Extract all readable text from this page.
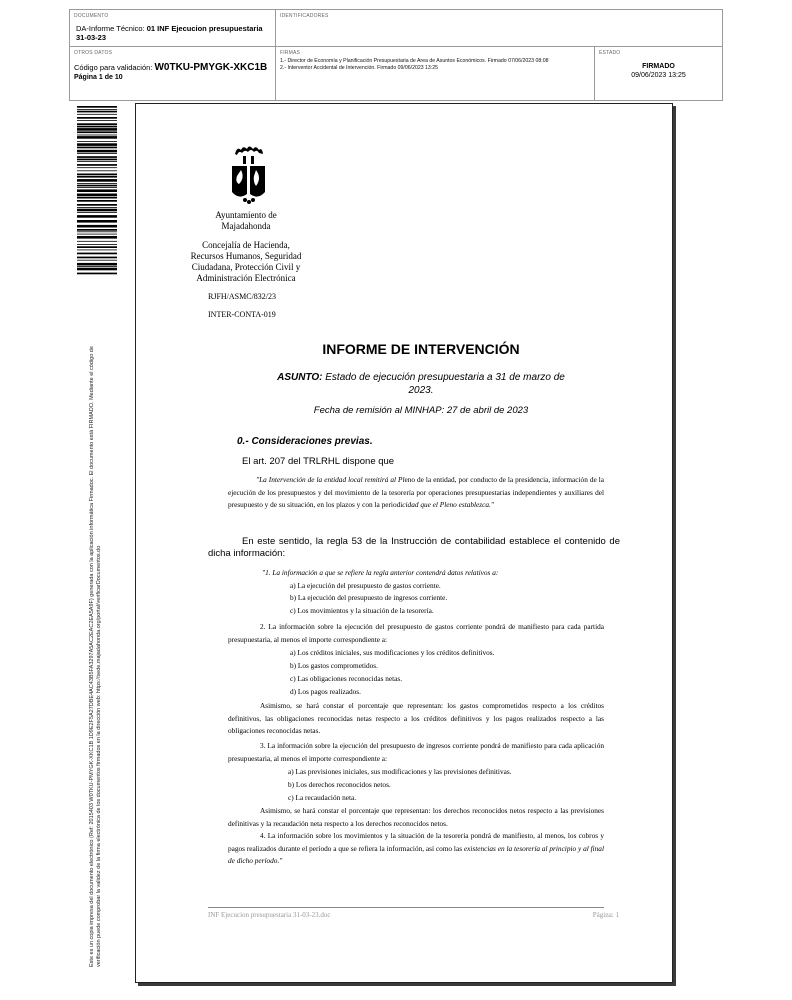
DOCUMENTO
DA-Informe Técnico: 01 INF Ejecucion presupuestaria 31-03-23
IDENTIFICADORES
OTROS DATOS
Código para validación: W0TKU-PMYGK-XKC1B
Página 1 de 10
FIRMAS
1.- Director de Economía y Planificación Presupuestaria de Area de Asuntos Económicos. Firmado 07/06/2023 08:08
2.- Interventor Accidental de Intervención. Firmado 09/06/2023 13:25
ESTADO
FIRMADO
09/06/2023 13:25
Este es un copia impresa del documento electrónico (Ref: 2015403 W0TKU-PMYGK-XKC1B 1D9E2F5A27DBE4AC43B5FA3297A5AC2EAC2EA5A9F) generada con la aplicación informática Firmadoc. El documento está FIRMADO. Mediante el código de verificación puede comprobar la validez de la firma electrónica de los documentos firmados en la dirección web: https://sede.majadahonda.org/portal/verificarDocumentos.do
Ayuntamiento de
Majadahonda
Concejalía de Hacienda,
Recursos Humanos, Seguridad
Ciudadana, Protección Civil y
Administración Electrónica
RJFH/ASMC/832/23
INTER-CONTA-019
INFORME DE INTERVENCIÓN
ASUNTO: Estado de ejecución presupuestaria a 31 de marzo de 2023.
Fecha de remisión al MINHAP: 27 de abril de 2023
0.- Consideraciones previas.
El art. 207 del TRLRHL dispone que
"La Intervención de la entidad local remitirá al Pleno de la entidad, por conducto de la presidencia, información de la ejecución de los presupuestos y del movimiento de la tesorería por operaciones presupuestarias independientes y auxiliares del presupuesto y de su situación, en los plazos y con la periodicidad que el Pleno establezca."
En este sentido, la regla 53 de la Instrucción de contabilidad establece el contenido de dicha información:
"1. La información a que se refiere la regla anterior contendrá datos relativos a:
a) La ejecución del presupuesto de gastos corriente.
b) La ejecución del presupuesto de ingresos corriente.
c) Los movimientos y la situación de la tesorería.
2. La información sobre la ejecución del presupuesto de gastos corriente pondrá de manifiesto para cada partida presupuestaria, al menos el importe correspondiente a:
a) Los créditos iniciales, sus modificaciones y los créditos definitivos.
b) Los gastos comprometidos.
c) Las obligaciones reconocidas netas.
d) Los pagos realizados.
Asimismo, se hará constar el porcentaje que representan: los gastos comprometidos respecto a los créditos definitivos, las obligaciones reconocidas netas respecto a los créditos definitivos y los pagos realizados respecto a las obligaciones reconocidas netas.
3. La información sobre la ejecución del presupuesto de ingresos corriente pondrá de manifiesto para cada aplicación presupuestaria, al menos el importe correspondiente a:
a) Las previsiones iniciales, sus modificaciones y las previsiones definitivas.
b) Los derechos reconocidos netos.
c) La recaudación neta.
Asimismo, se hará constar el porcentaje que representan: los derechos reconocidos netos respecto a las previsiones definitivas y la recaudación neta respecto a los derechos reconocidos netos.
4. La información sobre los movimientos y la situación de la tesorería pondrá de manifiesto, al menos, los cobros y pagos realizados durante el período a que se refiera la información, así como las existencias en la tesorería al principio y al final de dicho período."
INF Ejecucion presupuestaria 31-03-23.doc	Página: 1
